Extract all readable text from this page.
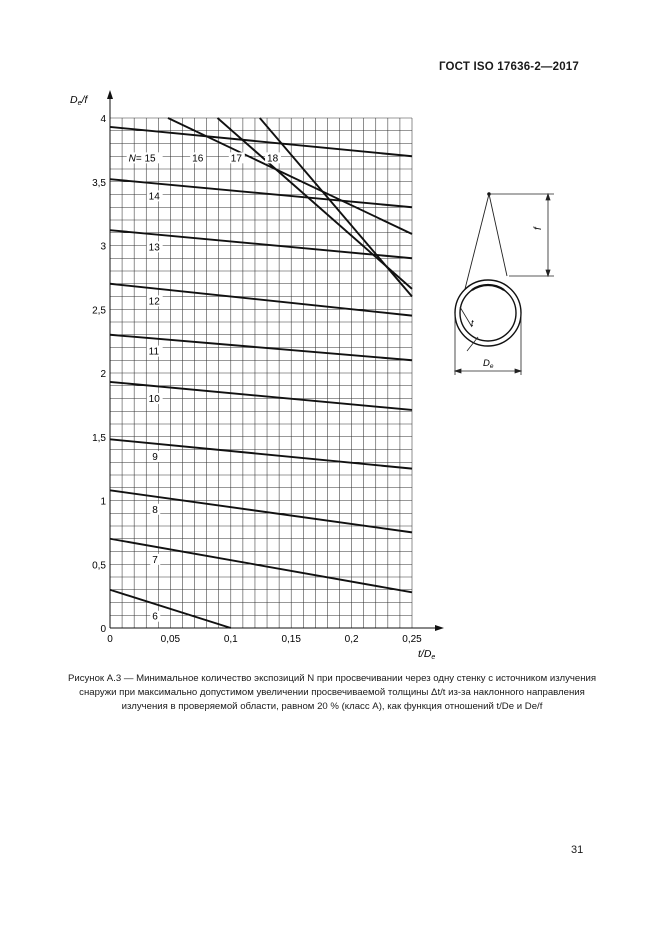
ГОСТ ISO 17636-2—2017
0	0,05	0,1	0,15	0,2	0,25
0
0,5
1
1,5
2
2,5
3
3,5
4
6
7
8
9
10
11
12
13
14
N= 15	16	17	18
De/f
t/De
f
t
$D_e$
Рисунок А.3 — Минимальное количество экспозиций N при просвечивании через одну стенку с источником излучения снаружи при максимально допустимом увеличении просвечиваемой толщины Δt/t из-за наклонного направления излучения в проверяемой области, равном 20 % (класс А), как функция отношений t/De и De/f
31
